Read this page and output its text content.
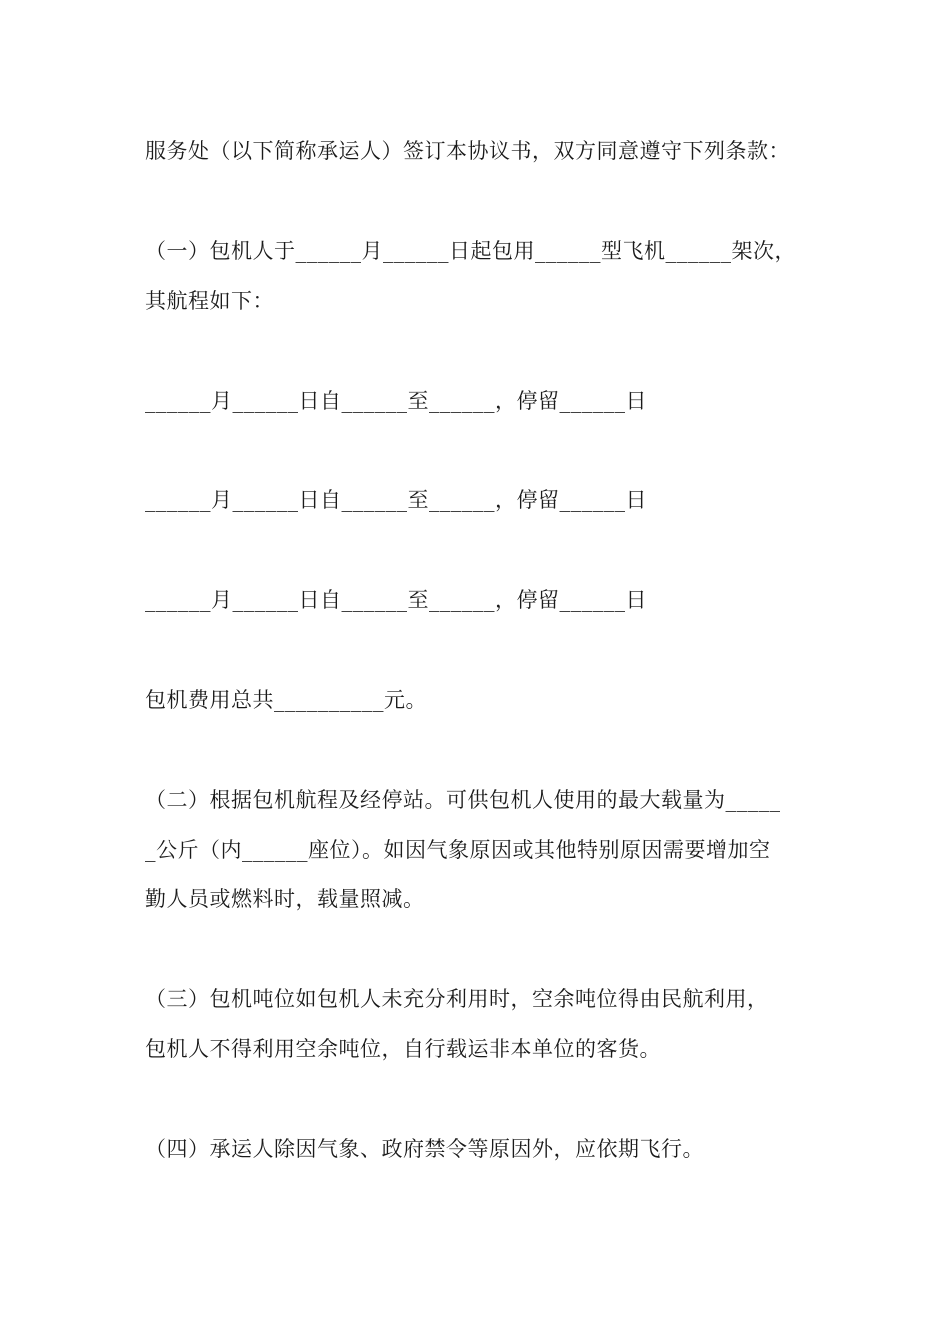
服务处（以下简称承运人）签订本协议书，双方同意遵守下列条款：
（一）包机人于______月______日起包用______型飞机______架次，
其航程如下：
______月______日自______至______，停留______日
______月______日自______至______，停留______日
______月______日自______至______，停留______日
包机费用总共__________元。
（二）根据包机航程及经停站。可供包机人使用的最大载量为_____
_公斤（内______座位）。如因气象原因或其他特别原因需要增加空
勤人员或燃料时，载量照减。
（三）包机吨位如包机人未充分利用时，空余吨位得由民航利用，
包机人不得利用空余吨位，自行载运非本单位的客货。
（四）承运人除因气象、政府禁令等原因外，应依期飞行。
